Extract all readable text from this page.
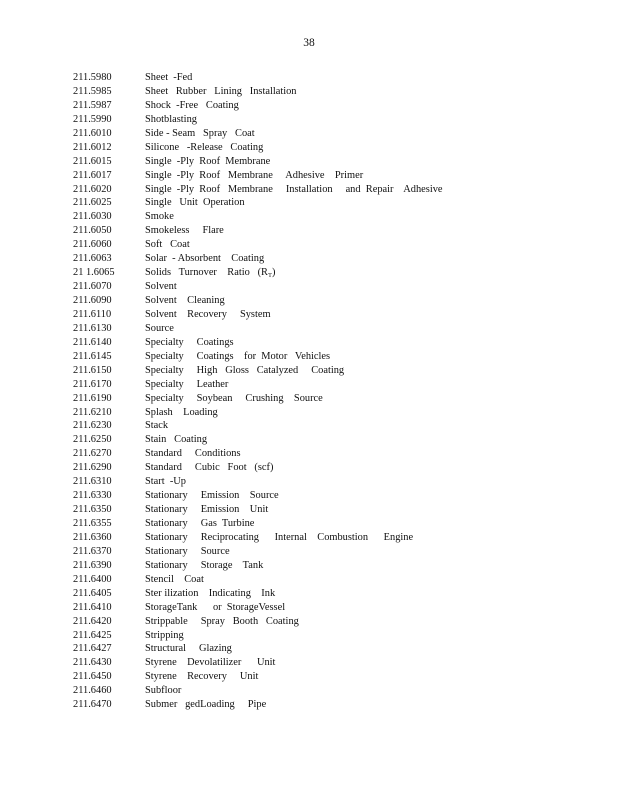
38
211.5980	Sheet  -Fed
211.5985	Sheet   Rubber   Lining   Installation
211.5987	Shock  -Free   Coating
211.5990	Shotblasting
211.6010	Side - Seam   Spray   Coat
211.6012	Silicone   -Release   Coating
211.6015	Single  -Ply  Roof  Membrane
211.6017	Single  -Ply  Roof   Membrane     Adhesive    Primer
211.6020	Single  -Ply  Roof   Membrane     Installation     and  Repair    Adhesive
211.6025	Single   Unit  Operation
211.6030	Smoke
211.6050	Smokeless     Flare
211.6060	Soft   Coat
211.6063	Solar  - Absorbent    Coating
21 1.6065	Solids   Turnover    Ratio   $(R_T)$
211.6070	Solvent
211.6090	Solvent    Cleaning
211.6110	Solvent    Recovery     System
211.6130	Source
211.6140	Specialty     Coatings
211.6145	Specialty     Coatings    for  Motor   Vehicles
211.6150	Specialty     High   Gloss   Catalyzed     Coating
211.6170	Specialty     Leather
211.6190	Specialty     Soybean     Crushing    Source
211.6210	Splash    Loading
211.6230	Stack
211.6250	Stain   Coating
211.6270	Standard     Conditions
211.6290	Standard     Cubic   Foot   (scf)
211.6310	Start  -Up
211.6330	Stationary     Emission    Source
211.6350	Stationary     Emission    Unit
211.6355	Stationary     Gas  Turbine
211.6360	Stationary     Reciprocating      Internal    Combustion      Engine
211.6370	Stationary     Source
211.6390	Stationary     Storage    Tank
211.6400	Stencil    Coat
211.6405	Ster ilization    Indicating    Ink
211.6410	StorageTank      or  StorageVessel
211.6420	Strippable     Spray   Booth   Coating
211.6425	Stripping
211.6427	Structural     Glazing
211.6430	Styrene    Devolatilizer      Unit
211.6450	Styrene    Recovery     Unit
211.6460	Subfloor
211.6470	Submer   gedLoading     Pipe
